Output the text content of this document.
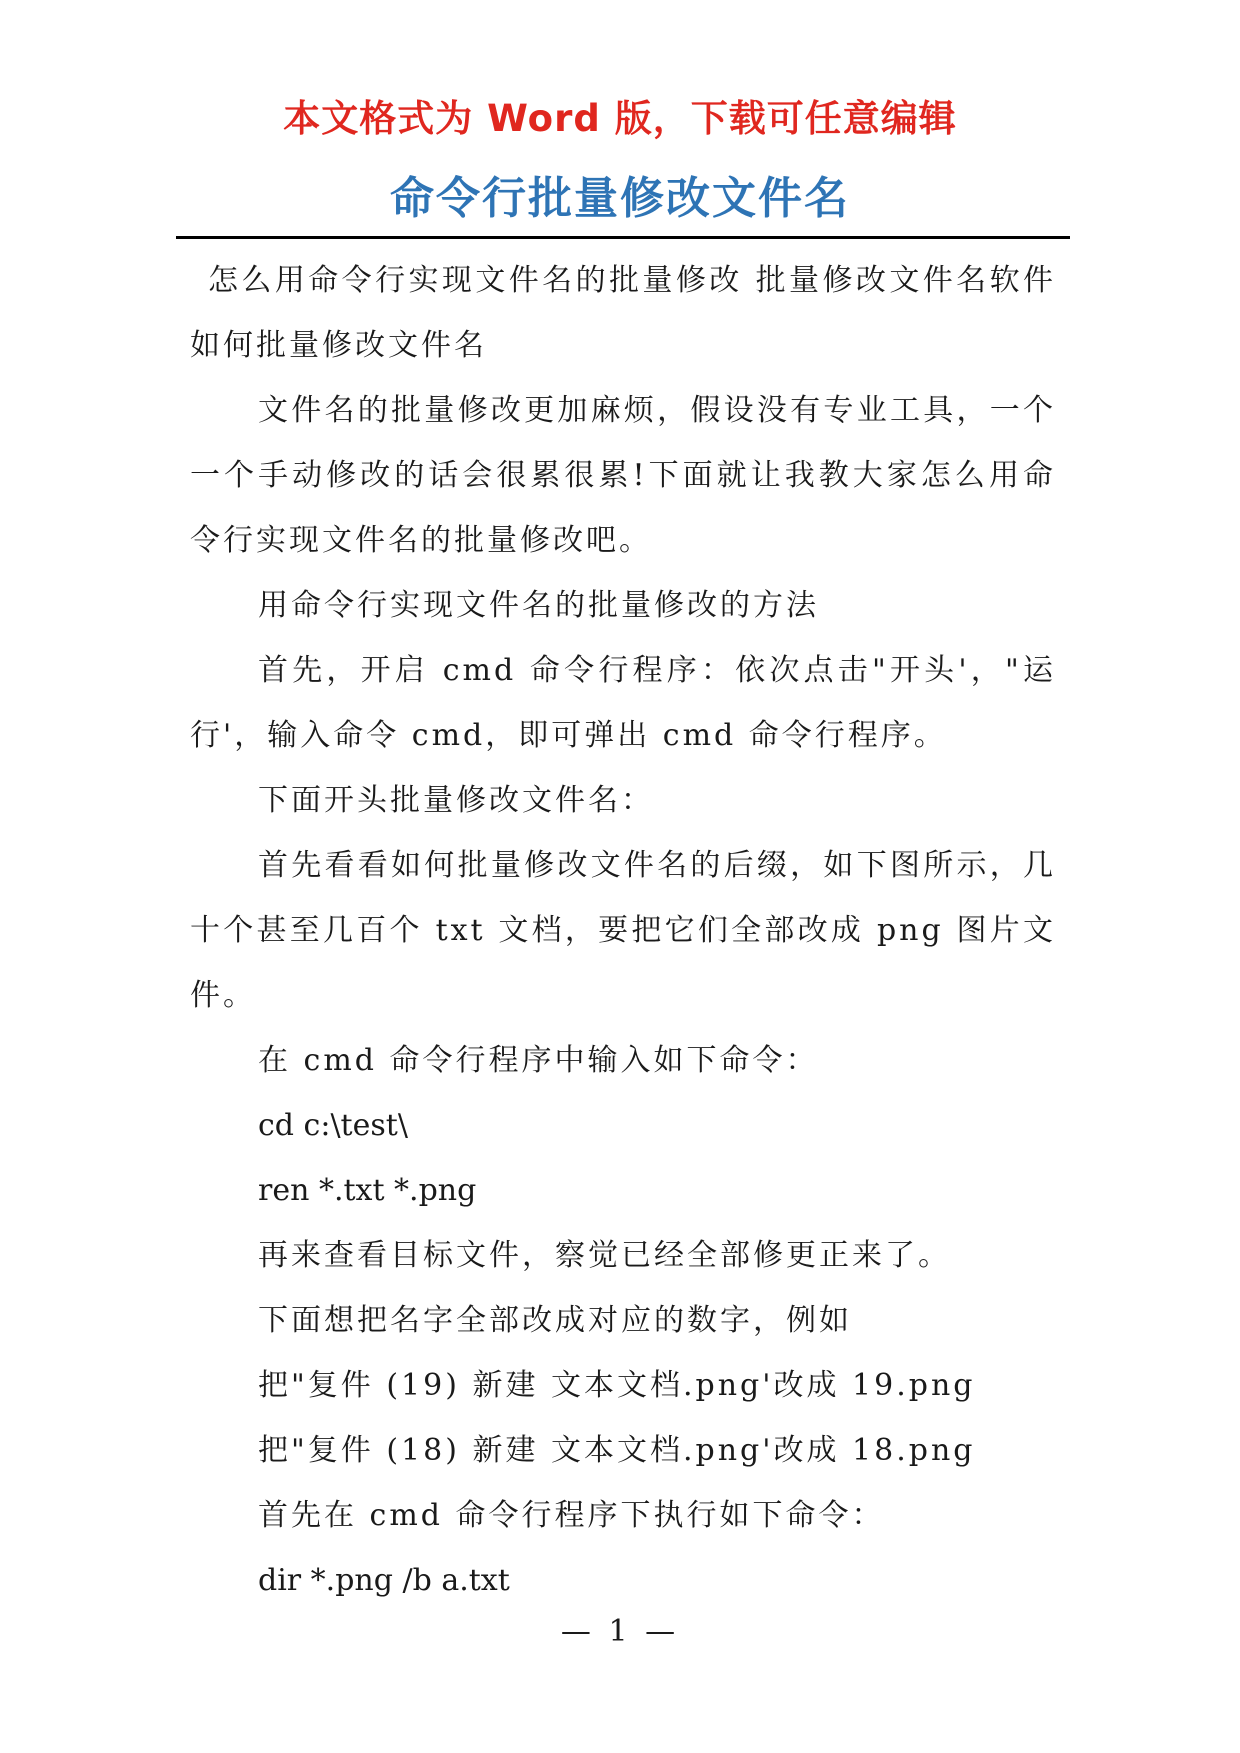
本文格式为 Word 版，下载可任意编辑
命令行批量修改文件名

怎么用命令行实现文件名的批量修改 批量修改文件名软件 如何批量修改文件名

文件名的批量修改更加麻烦，假设没有专业工具，一个一个手动修改的话会很累很累!下面就让我教大家怎么用命令行实现文件名的批量修改吧。

用命令行实现文件名的批量修改的方法

首先，开启 cmd 命令行程序：依次点击"开头'，"运行'，输入命令 cmd，即可弹出 cmd 命令行程序。

下面开头批量修改文件名：

首先看看如何批量修改文件名的后缀，如下图所示，几十个甚至几百个 txt 文档，要把它们全部改成 png 图片文件。

在 cmd 命令行程序中输入如下命令：

cd c:\test\

ren *.txt *.png

再来查看目标文件，察觉已经全部修更正来了。

下面想把名字全部改成对应的数字，例如

把"复件 (19) 新建 文本文档.png'改成 19.png

把"复件 (18) 新建 文本文档.png'改成 18.png

首先在 cmd 命令行程序下执行如下命令：

dir *.png /b a.txt

— 1 —
